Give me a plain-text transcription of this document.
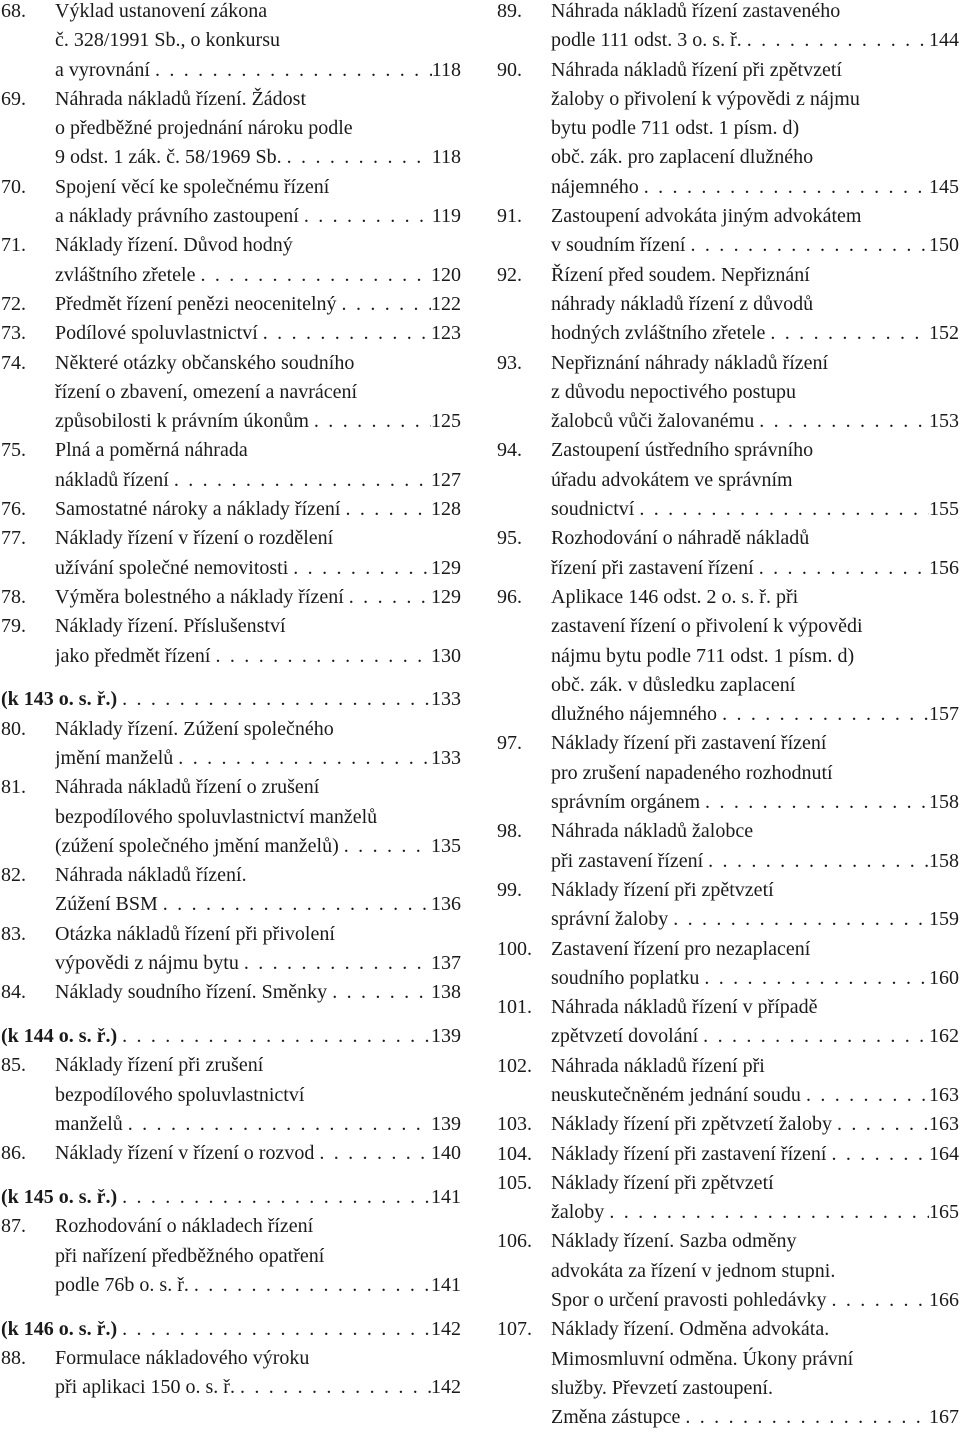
68. Výklad ustanovení zákona
č. 328/1991 Sb., o konkursu
a vyrovnání . . .	118
69. Náhrada nákladů řízení. Žádost
o předběžné projednání nároku podle
9 odst. 1 zák. č. 58/1969 Sb. . . .	118
70. Spojení věcí ke společnému řízení
a náklady právního zastoupení . . .	119
71. Náklady řízení. Důvod hodný
zvláštního zřetele . . .	120
72. Předmět řízení penězi neocenitelný . . .	122
73. Podílové spoluvlastnictví . . .	123
74. Některé otázky občanského soudního
řízení o zbavení, omezení a navrácení
způsobilosti k právním úkonům . . .	125
75. Plná a poměrná náhrada
nákladů řízení . . .	127
76. Samostatné nároky a náklady řízení . . .	128
77. Náklady řízení v řízení o rozdělení
užívání společné nemovitosti . . .	129
78. Výměra bolestného a náklady řízení . . .	129
79. Náklady řízení. Příslušenství
jako předmět řízení . . .	130
(k 143 o. s. ř.) . . .	133
80. Náklady řízení. Zúžení společného
jmění manželů . . .	133
81. Náhrada nákladů řízení o zrušení
bezpodílového spoluvlastnictví manželů
(zúžení společného jmění manželů) . . .	135
82. Náhrada nákladů řízení.
Zúžení BSM . . .	136
83. Otázka nákladů řízení při přivolení
výpovědi z nájmu bytu . . .	137
84. Náklady soudního řízení. Směnky . . .	138
(k 144 o. s. ř.) . . .	139
85. Náklady řízení při zrušení
bezpodílového spoluvlastnictví
manželů . . .	139
86. Náklady řízení v řízení o rozvod . . .	140
(k 145 o. s. ř.) . . .	141
87. Rozhodování o nákladech řízení
při nařízení předběžného opatření
podle 76b o. s. ř. . . .	141
(k 146 o. s. ř.) . . .	142
88. Formulace nákladového výroku
při aplikaci 150 o. s. ř. . . .	142
89. Náhrada nákladů řízení zastaveného
podle 111 odst. 3 o. s. ř. . . .	144
90. Náhrada nákladů řízení při zpětvzetí
žaloby o přivolení k výpovědi z nájmu
bytu podle 711 odst. 1 písm. d)
obč. zák. pro zaplacení dlužného
nájemného . . .	145
91. Zastoupení advokáta jiným advokátem
v soudním řízení . . .	150
92. Řízení před soudem. Nepřiznání
náhrady nákladů řízení z důvodů
hodných zvláštního zřetele . . .	152
93. Nepřiznání náhrady nákladů řízení
z důvodu nepoctivého postupu
žalobců vůči žalovanému . . .	153
94. Zastoupení ústředního správního
úřadu advokátem ve správním
soudnictví . . .	155
95. Rozhodování o náhradě nákladů
řízení při zastavení řízení . . .	156
96. Aplikace 146 odst. 2 o. s. ř. při
zastavení řízení o přivolení k výpovědi
nájmu bytu podle 711 odst. 1 písm. d)
obč. zák. v důsledku zaplacení
dlužného nájemného . . .	157
97. Náklady řízení při zastavení řízení
pro zrušení napadeného rozhodnutí
správním orgánem . . .	158
98. Náhrada nákladů žalobce
při zastavení řízení . . .	158
99. Náklady řízení při zpětvzetí
správní žaloby . . .	159
100. Zastavení řízení pro nezaplacení
soudního poplatku . . .	160
101. Náhrada nákladů řízení v případě
zpětvzetí dovolání . . .	162
102. Náhrada nákladů řízení při
neuskutečněném jednání soudu . . .	163
103. Náklady řízení při zpětvzetí žaloby . . .	163
104. Náklady řízení při zastavení řízení . . .	164
105. Náklady řízení při zpětvzetí
žaloby . . .	165
106. Náklady řízení. Sazba odměny
advokáta za řízení v jednom stupni.
Spor o určení pravosti pohledávky . . .	166
107. Náklady řízení. Odměna advokáta.
Mimosmluvní odměna. Úkony právní
služby. Převzetí zastoupení.
Změna zástupce . . .	167
